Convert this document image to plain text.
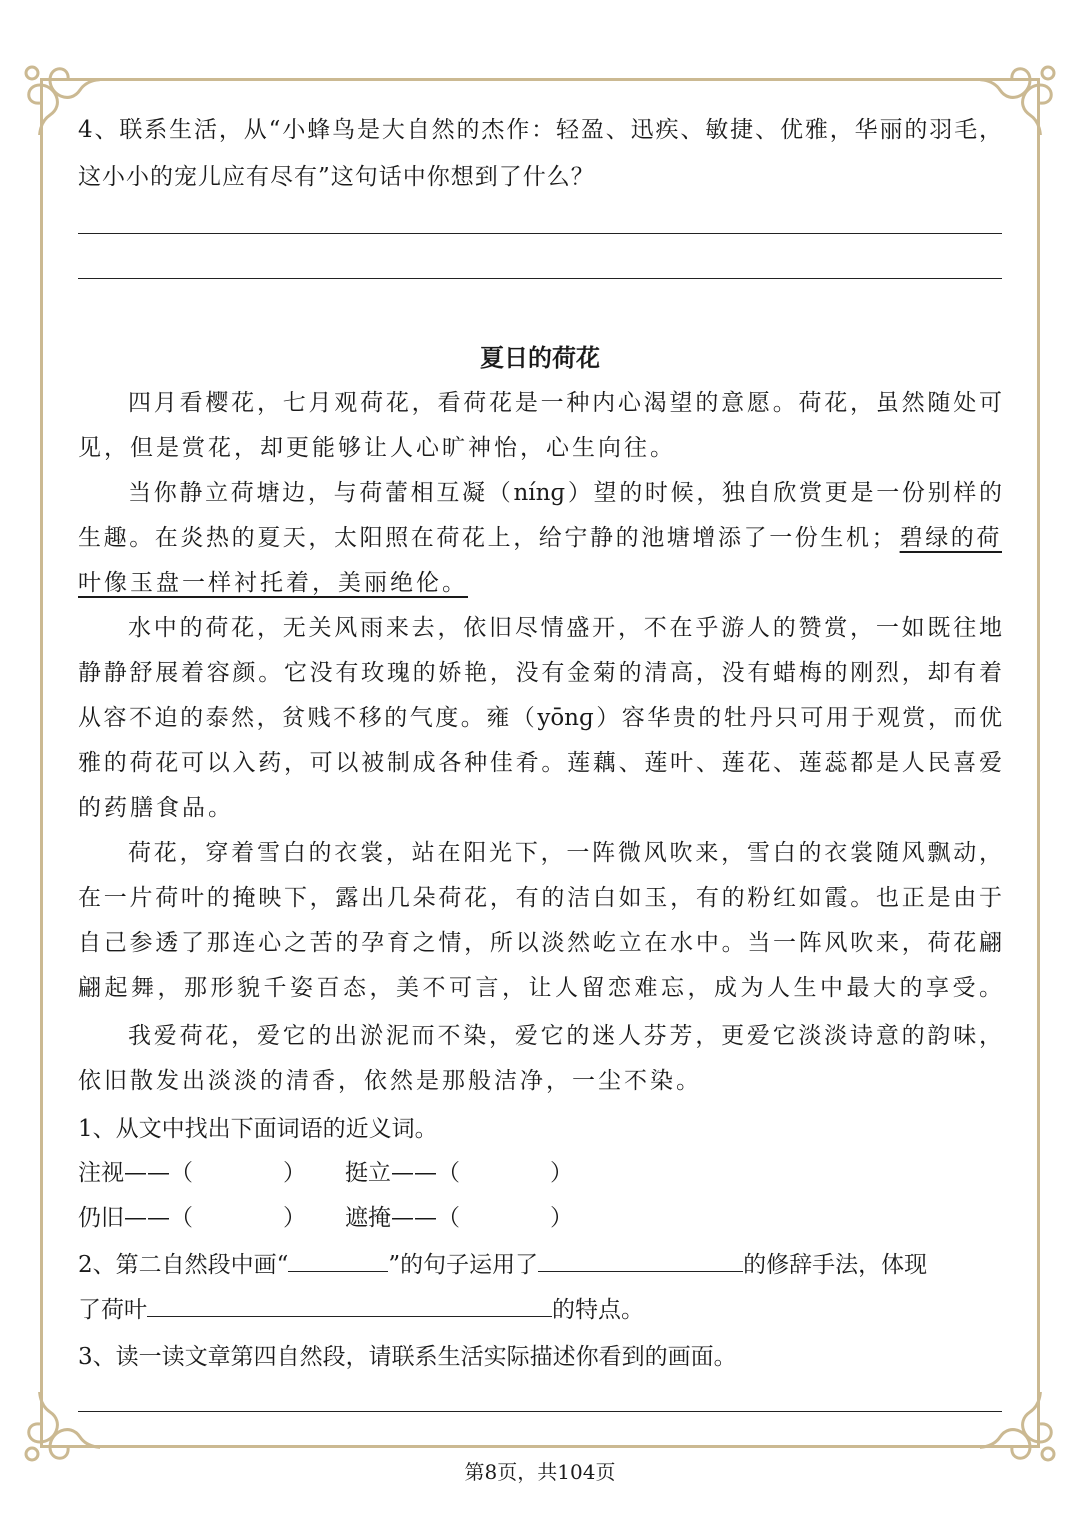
4、联系生活，从“小蜂鸟是大自然的杰作：轻盈、迅疾、敏捷、优雅，华丽的羽毛，
这小小的宠儿应有尽有”这句话中你想到了什么？
夏日的荷花
四月看樱花，七月观荷花，看荷花是一种内心渴望的意愿。荷花，虽然随处可
见，但是赏花，却更能够让人心旷神怡，心生向往。
当你静立荷塘边，与荷蕾相互凝（nínɡ）望的时候，独自欣赏更是一份别样的
生趣。在炎热的夏天，太阳照在荷花上，给宁静的池塘增添了一份生机； 碧绿的荷
叶像玉盘一样衬托着，美丽绝伦。
水中的荷花，无关风雨来去，依旧尽情盛开，不在乎游人的赞赏，一如既往地
静静舒展着容颜。它没有玫瑰的娇艳，没有金菊的清高，没有蜡梅的刚烈，却有着
从容不迫的泰然，贫贱不移的气度。雍（yōnɡ）容华贵的牡丹只可用于观赏，而优
雅的荷花可以入药，可以被制成各种佳肴。莲藕、莲叶、莲花、莲蕊都是人民喜爱
的药膳食品。
荷花，穿着雪白的衣裳，站在阳光下，一阵微风吹来，雪白的衣裳随风飘动，
在一片荷叶的掩映下，露出几朵荷花，有的洁白如玉，有的粉红如霞。也正是由于
自己参透了那连心之苦的孕育之情，所以淡然屹立在水中。当一阵风吹来，荷花翩
翩起舞，那形貌千姿百态，美不可言，让人留恋难忘，成为人生中最大的享受。
我爱荷花，爱它的出淤泥而不染，爱它的迷人芬芳，更爱它淡淡诗意的韵味，
依旧散发出淡淡的清香，依然是那般洁净，一尘不染。
1、从文中找出下面词语的近义词。
注视——（	） 挺立——（	）
仍旧——（	） 遮掩——（	）
2、第二自然段中画“	”的句子运用了	的修辞手法，体现
了荷叶	的特点。
3、读一读文章第四自然段，请联系生活实际描述你看到的画面。
第8页，共104页
